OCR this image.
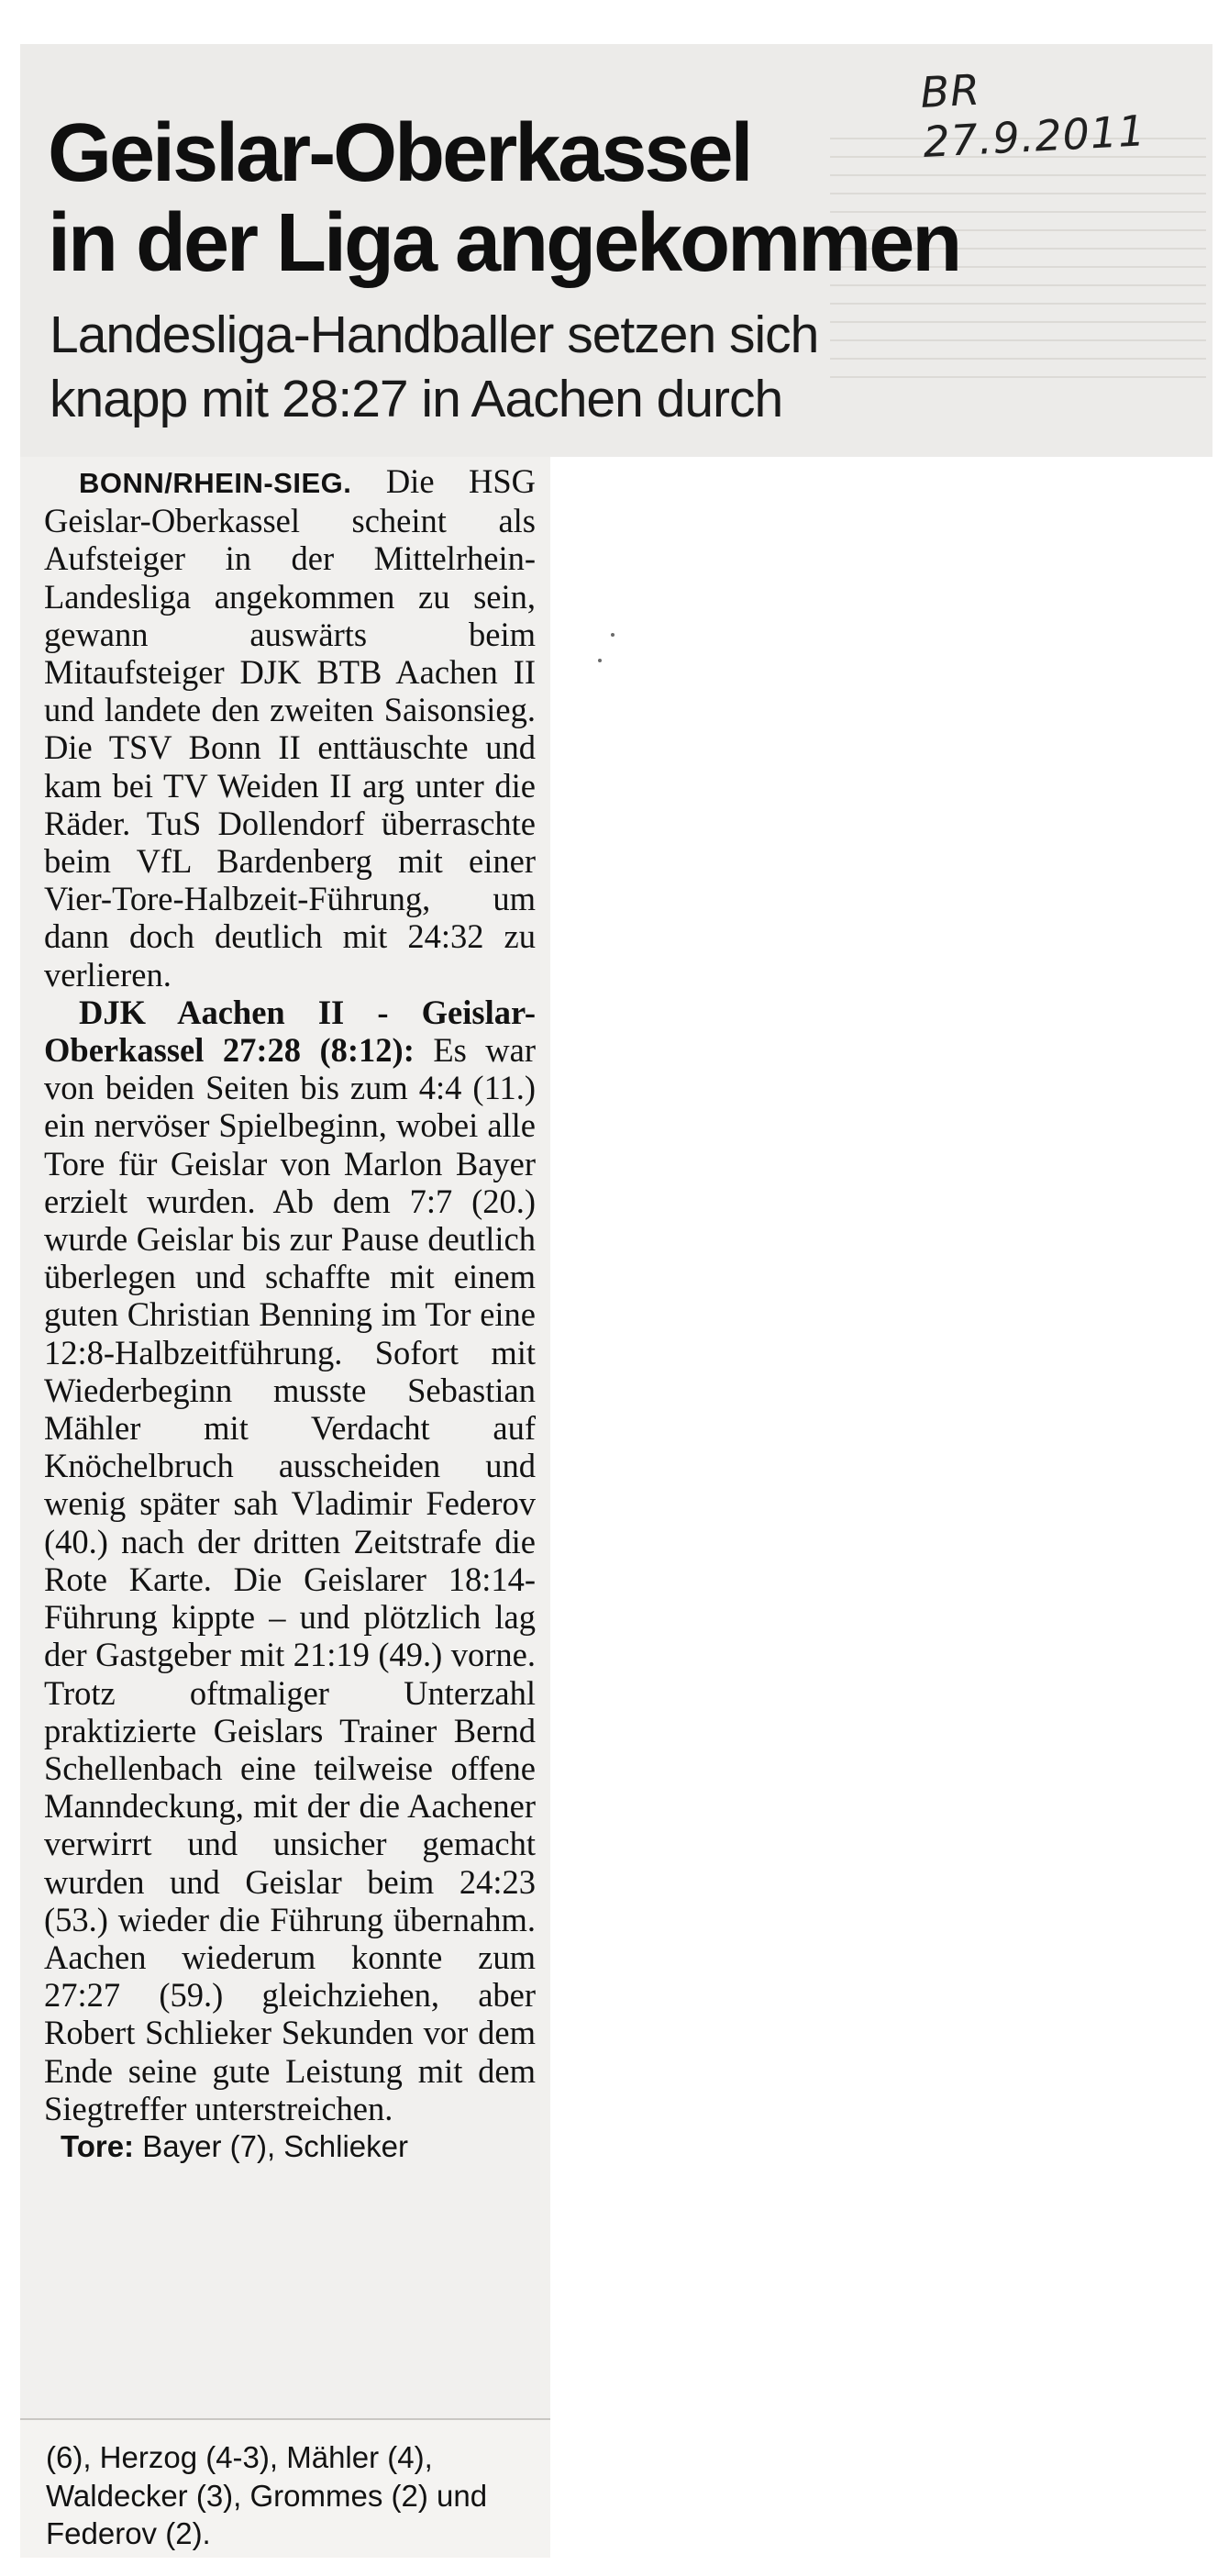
BR 27.9.2011
Geislar-Oberkassel
in der Liga angekommen
Landesliga-Handballer setzen sich
knapp mit 28:27 in Aachen durch

BONN/RHEIN-SIEG. Die HSG Geislar-Oberkassel scheint als Aufsteiger in der Mittelrhein-Landesliga angekommen zu sein, gewann auswärts beim Mitaufsteiger DJK BTB Aachen II und landete den zweiten Saisonsieg. Die TSV Bonn II enttäuschte und kam bei TV Weiden II arg unter die Räder. TuS Dollendorf überraschte beim VfL Bardenberg mit einer Vier-Tore-Halbzeit-Führung, um dann doch deutlich mit 24:32 zu verlieren.

DJK Aachen II - Geislar-Oberkassel 27:28 (8:12): Es war von beiden Seiten bis zum 4:4 (11.) ein nervöser Spielbeginn, wobei alle Tore für Geislar von Marlon Bayer erzielt wurden. Ab dem 7:7 (20.) wurde Geislar bis zur Pause deutlich überlegen und schaffte mit einem guten Christian Benning im Tor eine 12:8-Halbzeitführung. Sofort mit Wiederbeginn musste Sebastian Mähler mit Verdacht auf Knöchelbruch ausscheiden und wenig später sah Vladimir Federov (40.) nach der dritten Zeitstrafe die Rote Karte. Die Geislarer 18:14-Führung kippte – und plötzlich lag der Gastgeber mit 21:19 (49.) vorne. Trotz oftmaliger Unterzahl praktizierte Geislars Trainer Bernd Schellenbach eine teilweise offene Manndeckung, mit der die Aachener verwirrt und unsicher gemacht wurden und Geislar beim 24:23 (53.) wieder die Führung übernahm. Aachen wiederum konnte zum 27:27 (59.) gleichziehen, aber Robert Schlieker Sekunden vor dem Ende seine gute Leistung mit dem Siegtreffer unterstreichen.

Tore: Bayer (7), Schlieker

(6), Herzog (4-3), Mähler (4), Waldecker (3), Grommes (2) und Federov (2).
